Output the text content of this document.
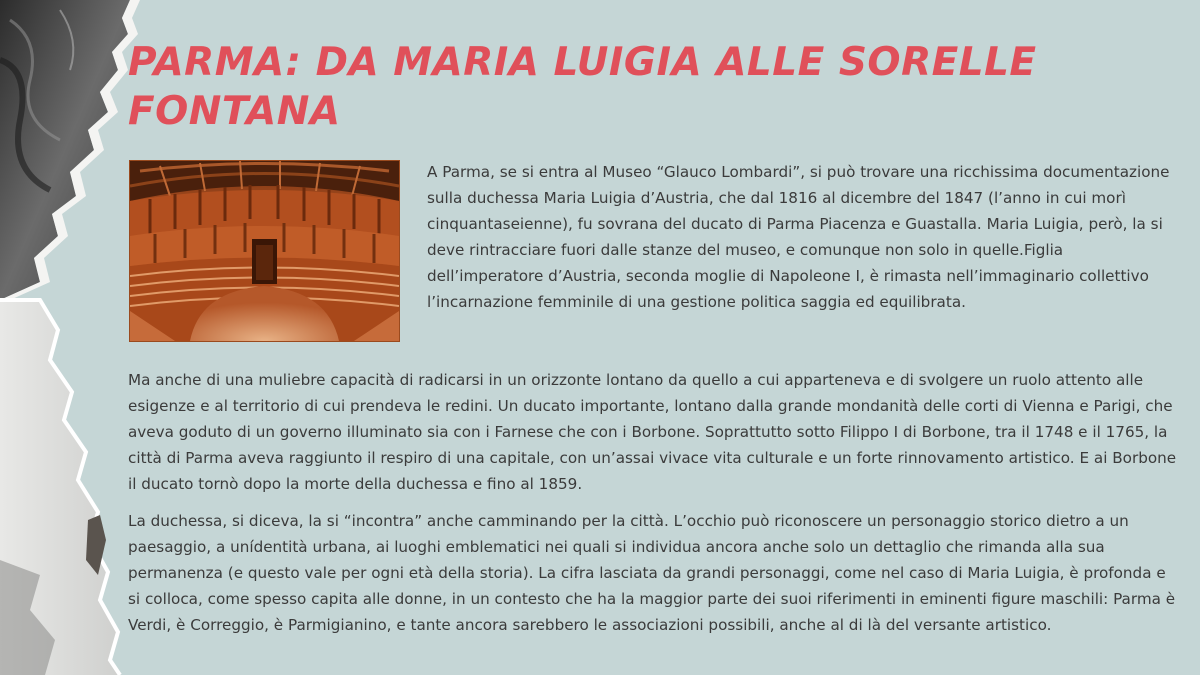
PARMA: DA MARIA LUIGIA ALLE SORELLE FONTANA

A Parma, se si entra al Museo “Glauco Lombardi”, si può trovare una ricchissima documentazione sulla duchessa Maria Luigia d’Austria, che dal 1816 al dicembre del 1847 (l’anno in cui morì cinquantaseienne), fu sovrana del ducato di Parma Piacenza e Guastalla. Maria Luigia, però, la si deve rintracciare fuori dalle stanze del museo, e comunque non solo in quelle.Figlia dell’imperatore d’Austria, seconda moglie di Napoleone I, è rimasta nell’immaginario collettivo l’incarnazione femminile di una gestione politica saggia ed equilibrata.

Ma anche di una muliebre capacità di radicarsi in un orizzonte lontano da quello a cui apparteneva e di svolgere un ruolo attento alle esigenze e al territorio di cui prendeva le redini. Un ducato importante, lontano dalla grande mondanità delle corti di Vienna e Parigi, che aveva goduto di un governo illuminato sia con i Farnese che con i Borbone. Soprattutto sotto Filippo I di Borbone, tra il 1748 e il 1765, la città di Parma aveva raggiunto il respiro di una capitale, con un’assai vivace vita culturale e un forte rinnovamento artistico. E ai Borbone il ducato tornò dopo la morte della duchessa e fino al 1859.

La duchessa, si diceva, la si “incontra” anche camminando per la città. L’occhio può riconoscere un personaggio storico dietro a un paesaggio, a unídentità urbana, ai luoghi emblematici nei quali si individua ancora anche solo un dettaglio che rimanda alla sua permanenza (e questo vale per ogni età della storia). La cifra lasciata da grandi personaggi, come nel caso di Maria Luigia, è profonda e si colloca, come spesso capita alle donne, in un contesto che ha la maggior parte dei suoi riferimenti in eminenti figure maschili: Parma è Verdi, è Correggio, è Parmigianino, e tante ancora sarebbero le associazioni possibili, anche al di là del versante artistico.
